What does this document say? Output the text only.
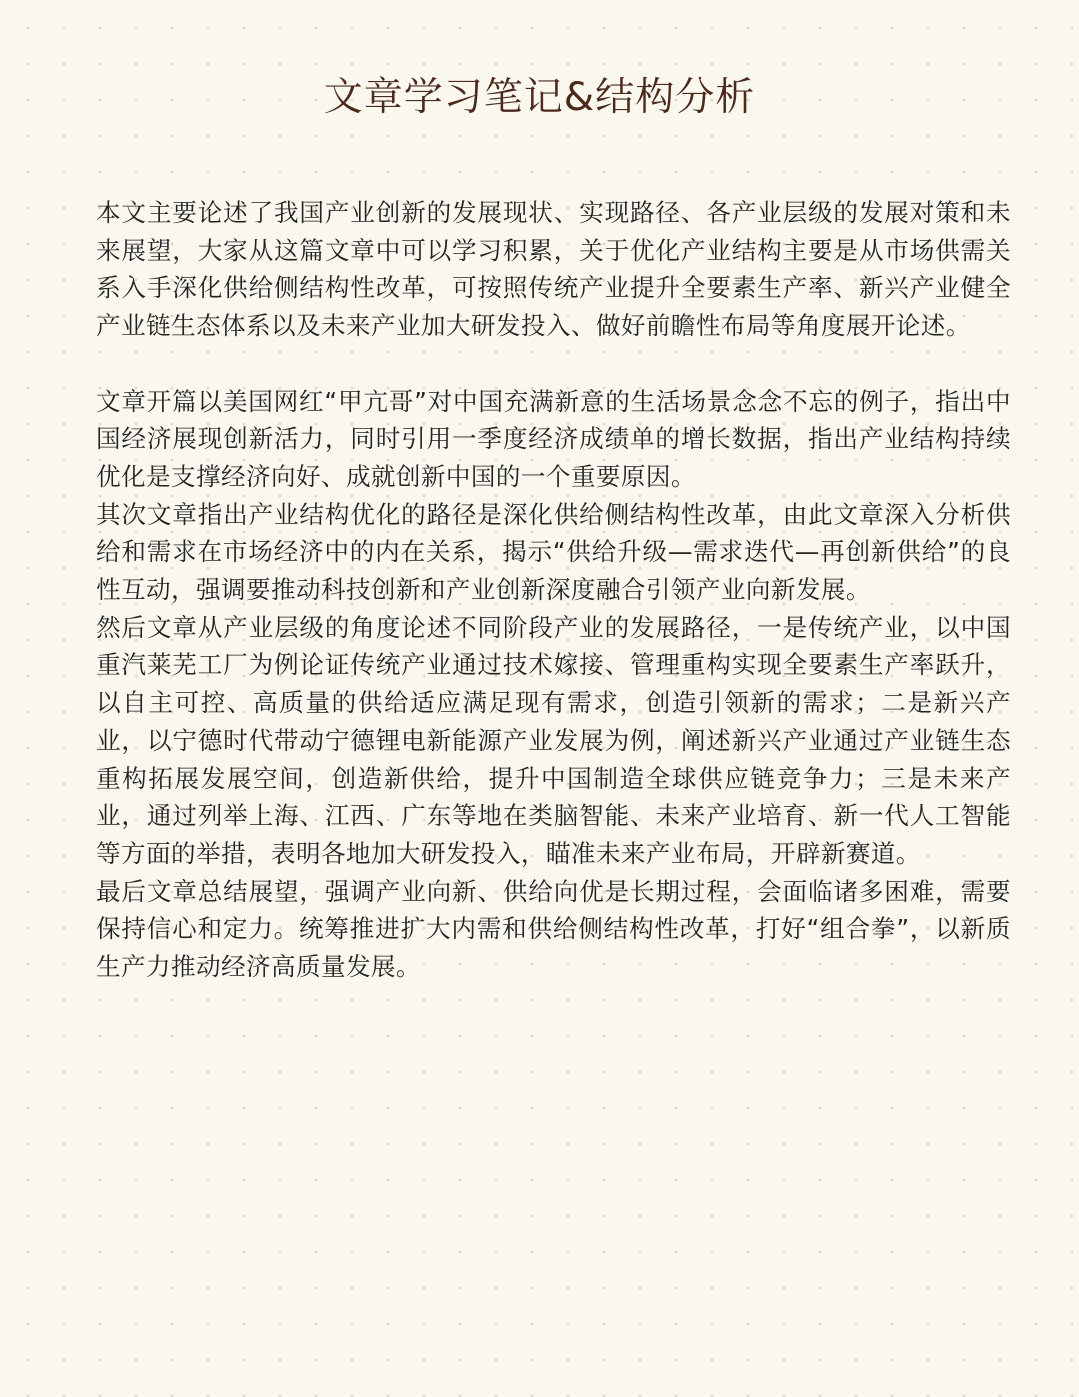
文章学习笔记&结构分析

本文主要论述了我国产业创新的发展现状、实现路径、各产业层级的发展对策和未来展望，大家从这篇文章中可以学习积累，关于优化产业结构主要是从市场供需关系入手深化供给侧结构性改革，可按照传统产业提升全要素生产率、新兴产业健全产业链生态体系以及未来产业加大研发投入、做好前瞻性布局等角度展开论述。

文章开篇以美国网红“甲亢哥”对中国充满新意的生活场景念念不忘的例子，指出中国经济展现创新活力，同时引用一季度经济成绩单的增长数据，指出产业结构持续优化是支撑经济向好、成就创新中国的一个重要原因。

其次文章指出产业结构优化的路径是深化供给侧结构性改革，由此文章深入分析供给和需求在市场经济中的内在关系，揭示“供给升级—需求迭代—再创新供给”的良性互动，强调要推动科技创新和产业创新深度融合引领产业向新发展。

然后文章从产业层级的角度论述不同阶段产业的发展路径，一是传统产业，以中国重汽莱芜工厂为例论证传统产业通过技术嫁接、管理重构实现全要素生产率跃升，以自主可控、高质量的供给适应满足现有需求，创造引领新的需求；二是新兴产业，以宁德时代带动宁德锂电新能源产业发展为例，阐述新兴产业通过产业链生态重构拓展发展空间，创造新供给，提升中国制造全球供应链竞争力；三是未来产业，通过列举上海、江西、广东等地在类脑智能、未来产业培育、新一代人工智能等方面的举措，表明各地加大研发投入，瞄准未来产业布局，开辟新赛道。

最后文章总结展望，强调产业向新、供给向优是长期过程，会面临诸多困难，需要保持信心和定力。统筹推进扩大内需和供给侧结构性改革，打好“组合拳”，以新质生产力推动经济高质量发展。
